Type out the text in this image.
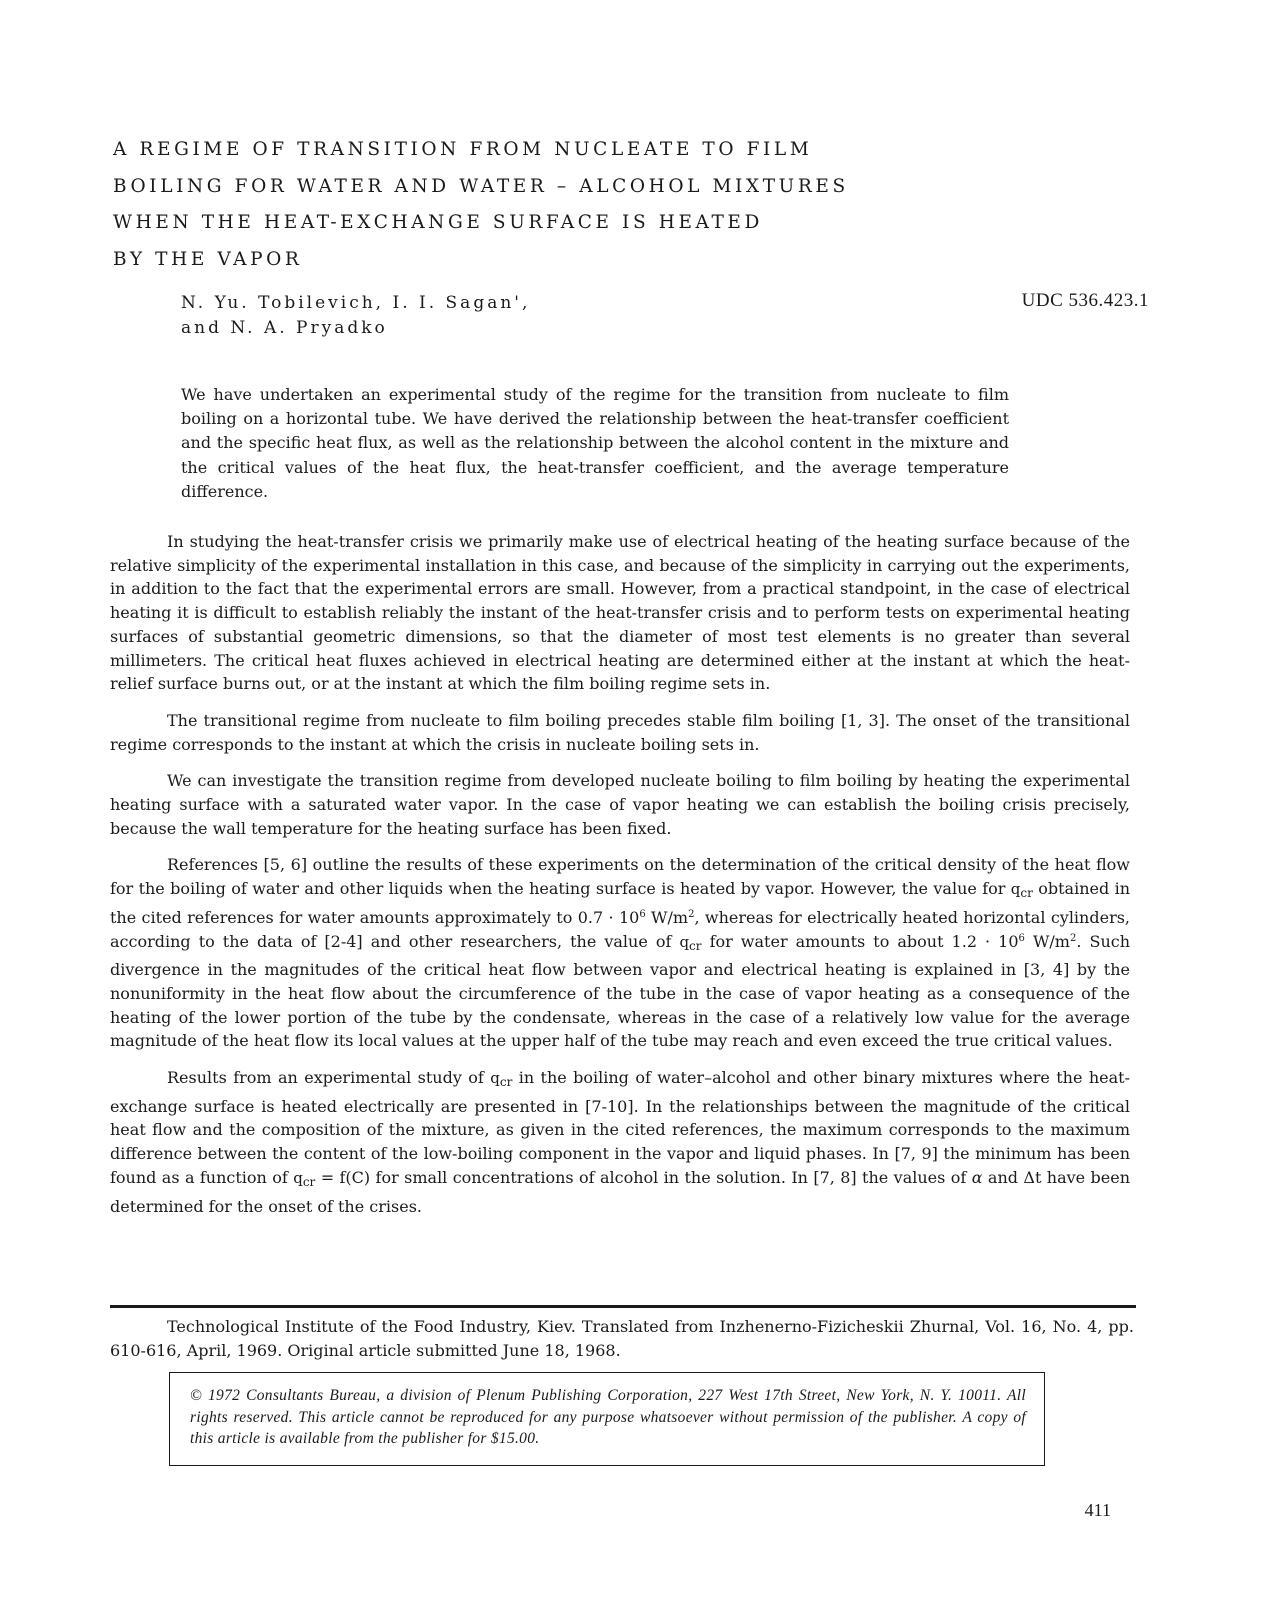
A REGIME OF TRANSITION FROM NUCLEATE TO FILM
BOILING FOR WATER AND WATER – ALCOHOL MIXTURES
WHEN THE HEAT-EXCHANGE SURFACE IS HEATED
BY THE VAPOR
N. Yu. Tobilevich, I. I. Sagan',
and N. A. Pryadko
UDC 536.423.1
We have undertaken an experimental study of the regime for the transition from nucleate to film boiling on a horizontal tube. We have derived the relationship between the heat-transfer coefficient and the specific heat flux, as well as the relationship between the alcohol content in the mixture and the critical values of the heat flux, the heat-transfer coefficient, and the average temperature difference.

In studying the heat-transfer crisis we primarily make use of electrical heating of the heating surface because of the relative simplicity of the experimental installation in this case, and because of the simplicity in carrying out the experiments, in addition to the fact that the experimental errors are small. However, from a practical standpoint, in the case of electrical heating it is difficult to establish reliably the instant of the heat-transfer crisis and to perform tests on experimental heating surfaces of substantial geometric dimensions, so that the diameter of most test elements is no greater than several millimeters. The critical heat fluxes achieved in electrical heating are determined either at the instant at which the heat-relief surface burns out, or at the instant at which the film boiling regime sets in.

The transitional regime from nucleate to film boiling precedes stable film boiling [1, 3]. The onset of the transitional regime corresponds to the instant at which the crisis in nucleate boiling sets in.

We can investigate the transition regime from developed nucleate boiling to film boiling by heating the experimental heating surface with a saturated water vapor. In the case of vapor heating we can establish the boiling crisis precisely, because the wall temperature for the heating surface has been fixed.

References [5, 6] outline the results of these experiments on the determination of the critical density of the heat flow for the boiling of water and other liquids when the heating surface is heated by vapor. However, the value for $q_{cr}$ obtained in the cited references for water amounts approximately to $0.7 \cdot 10^6$ $W/m^2$, whereas for electrically heated horizontal cylinders, according to the data of [2-4] and other researchers, the value of $q_{cr}$ for water amounts to about $1.2 \cdot 10^6$ $W/m^2$. Such divergence in the magnitudes of the critical heat flow between vapor and electrical heating is explained in [3, 4] by the nonuniformity in the heat flow about the circumference of the tube in the case of vapor heating as a consequence of the heating of the lower portion of the tube by the condensate, whereas in the case of a relatively low value for the average magnitude of the heat flow its local values at the upper half of the tube may reach and even exceed the true critical values.

Results from an experimental study of $q_{cr}$ in the boiling of water–alcohol and other binary mixtures where the heat-exchange surface is heated electrically are presented in [7-10]. In the relationships between the magnitude of the critical heat flow and the composition of the mixture, as given in the cited references, the maximum corresponds to the maximum difference between the content of the low-boiling component in the vapor and liquid phases. In [7, 9] the minimum has been found as a function of $q_{cr} = f(C)$ for small concentrations of alcohol in the solution. In [7, 8] the values of α and Δt have been determined for the onset of the crises.

Technological Institute of the Food Industry, Kiev. Translated from Inzhenerno-Fizicheskii Zhurnal, Vol. 16, No. 4, pp. 610-616, April, 1969. Original article submitted June 18, 1968.
© 1972 Consultants Bureau, a division of Plenum Publishing Corporation, 227 West 17th Street, New York, N. Y. 10011. All rights reserved. This article cannot be reproduced for any purpose whatsoever without permission of the publisher. A copy of this article is available from the publisher for $15.00.
411
